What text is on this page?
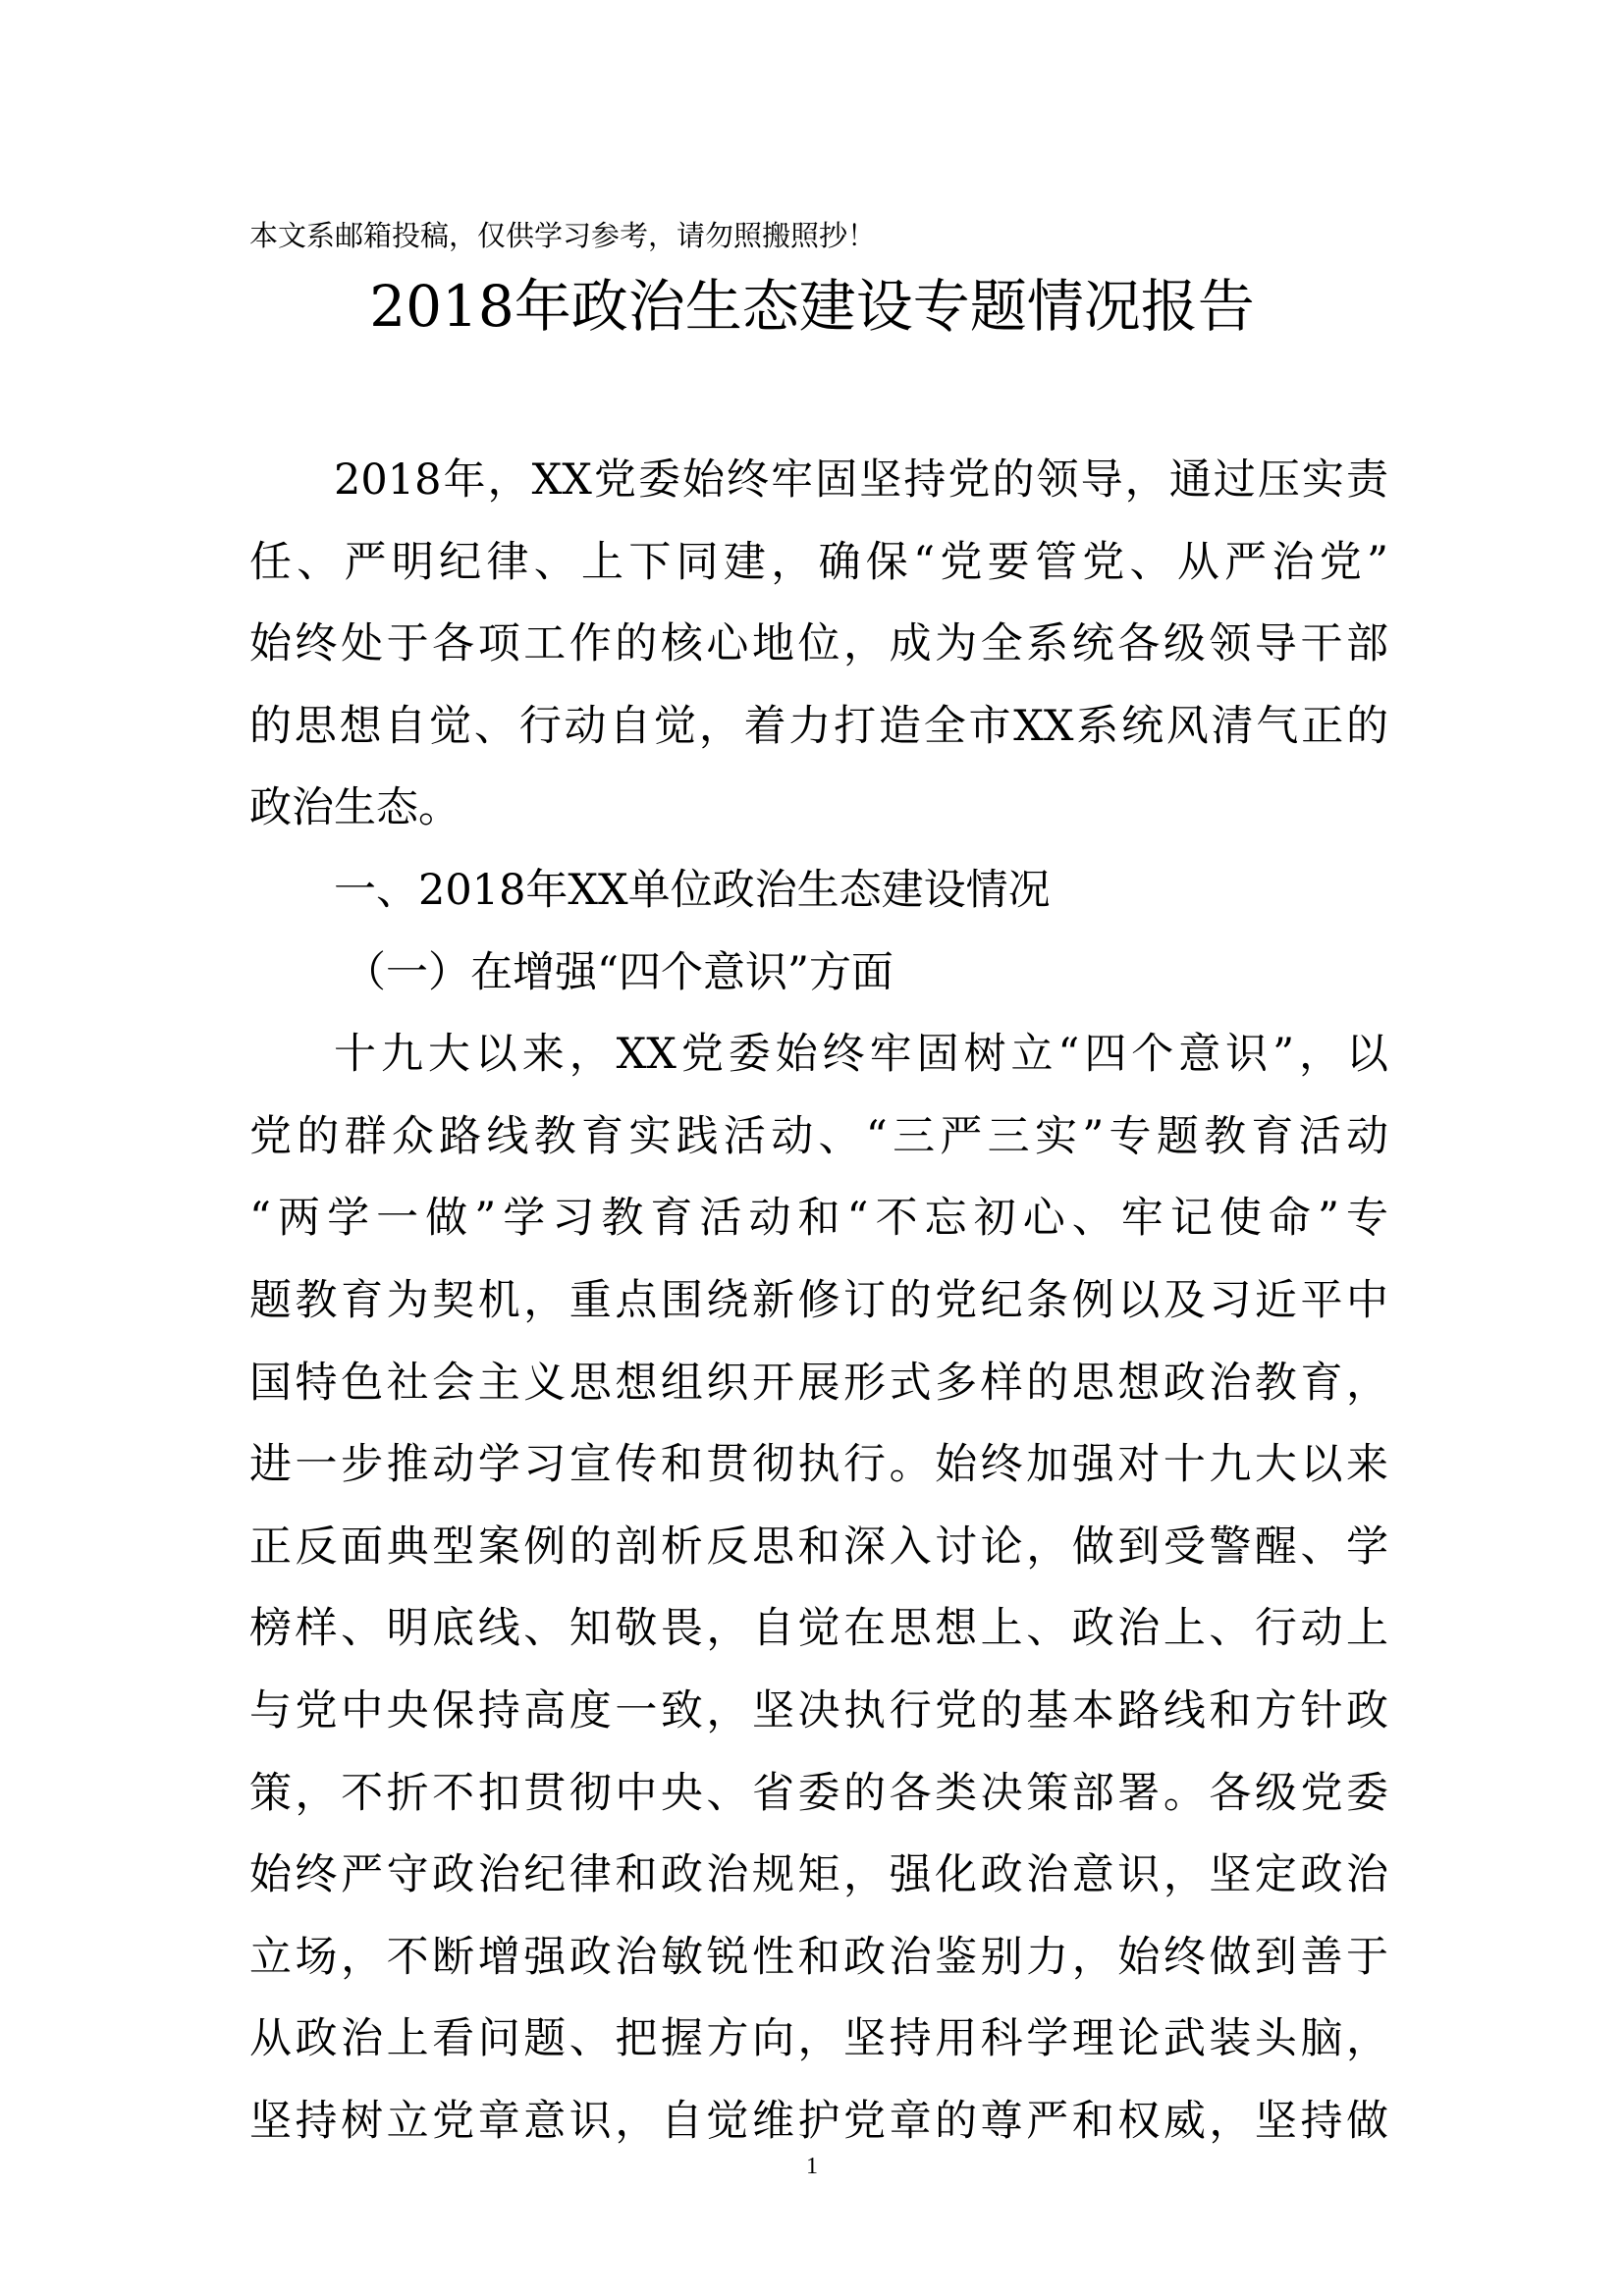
本文系邮箱投稿，仅供学习参考，请勿照搬照抄！
2018年政治生态建设专题情况报告
2018年，XX党委始终牢固坚持党的领导，通过压实责
任、严明纪律、上下同建，确保“党要管党、从严治党”
始终处于各项工作的核心地位，成为全系统各级领导干部
的思想自觉、行动自觉，着力打造全市XX系统风清气正的
政治生态。
一、2018年XX单位政治生态建设情况
（一）在增强“四个意识”方面
十九大以来，XX党委始终牢固树立“四个意识”，以
党的群众路线教育实践活动、“三严三实”专题教育活动
“两学一做”学习教育活动和“不忘初心、牢记使命”专
题教育为契机，重点围绕新修订的党纪条例以及习近平中
国特色社会主义思想组织开展形式多样的思想政治教育，
进一步推动学习宣传和贯彻执行。始终加强对十九大以来
正反面典型案例的剖析反思和深入讨论，做到受警醒、学
榜样、明底线、知敬畏，自觉在思想上、政治上、行动上
与党中央保持高度一致，坚决执行党的基本路线和方针政
策，不折不扣贯彻中央、省委的各类决策部署。各级党委
始终严守政治纪律和政治规矩，强化政治意识，坚定政治
立场，不断增强政治敏锐性和政治鉴别力，始终做到善于
从政治上看问题、把握方向，坚持用科学理论武装头脑，
坚持树立党章意识，自觉维护党章的尊严和权威，坚持做
1
